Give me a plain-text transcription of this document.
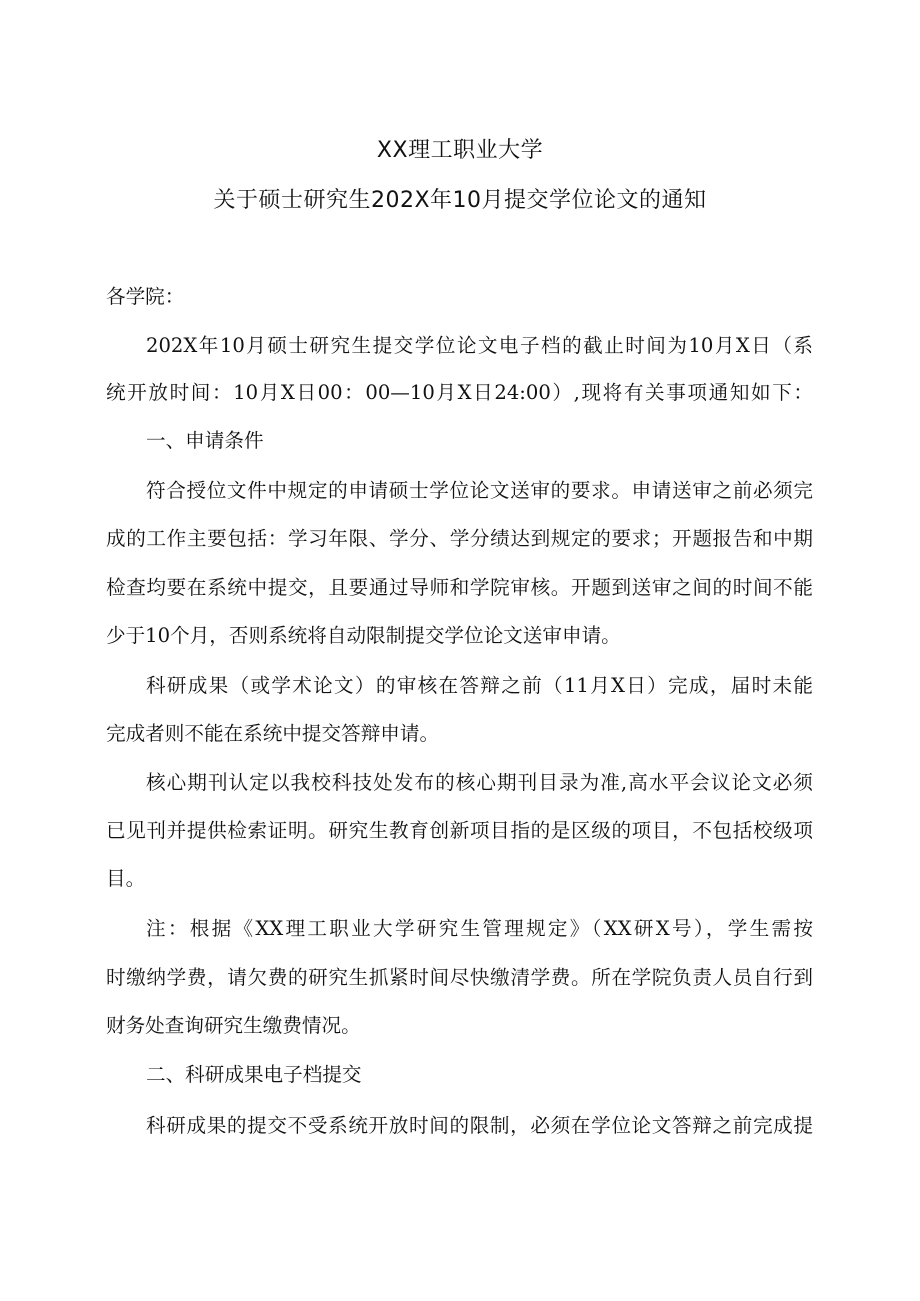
XX理工职业大学
关于硕士研究生202X年10月提交学位论文的通知
各学院：
202X年10月硕士研究生提交学位论文电子档的截止时间为10月X日（系
统开放时间：10月X日00：00—10月X日24:00）,现将有关事项通知如下：
一、申请条件
符合授位文件中规定的申请硕士学位论文送审的要求。申请送审之前必须完
成的工作主要包括：学习年限、学分、学分绩达到规定的要求；开题报告和中期
检查均要在系统中提交，且要通过导师和学院审核。开题到送审之间的时间不能
少于10个月，否则系统将自动限制提交学位论文送审申请。
科研成果（或学术论文）的审核在答辩之前（11月X日）完成，届时未能
完成者则不能在系统中提交答辩申请。
核心期刊认定以我校科技处发布的核心期刊目录为准,高水平会议论文必须
已见刊并提供检索证明。研究生教育创新项目指的是区级的项目，不包括校级项
目。
注：根据《XX理工职业大学研究生管理规定》（XX研X号），学生需按
时缴纳学费，请欠费的研究生抓紧时间尽快缴清学费。所在学院负责人员自行到
财务处查询研究生缴费情况。
二、科研成果电子档提交
科研成果的提交不受系统开放时间的限制，必须在学位论文答辩之前完成提
